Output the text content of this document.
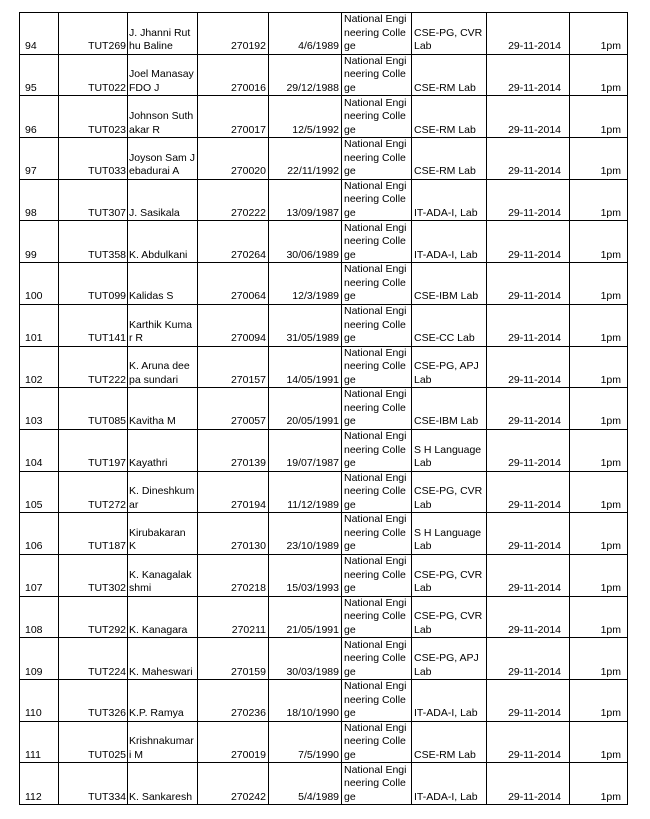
94	TUT269	J. Jhanni Ruthu Baline	270192	4/6/1989	National Engineering College	CSE-PG, CVR Lab	29-11-2014	1pm
95	TUT022	Joel Manasay FDO J	270016	29/12/1988	National Engineering College	CSE-RM Lab	29-11-2014	1pm
96	TUT023	Johnson Suthakar R	270017	12/5/1992	National Engineering College	CSE-RM Lab	29-11-2014	1pm
97	TUT033	Joyson Sam Jebadurai A	270020	22/11/1992	National Engineering College	CSE-RM Lab	29-11-2014	1pm
98	TUT307	J. Sasikala	270222	13/09/1987	National Engineering College	IT-ADA-I, Lab	29-11-2014	1pm
99	TUT358	K. Abdulkani	270264	30/06/1989	National Engineering College	IT-ADA-I, Lab	29-11-2014	1pm
100	TUT099	Kalidas S	270064	12/3/1989	National Engineering College	CSE-IBM Lab	29-11-2014	1pm
101	TUT141	Karthik Kumar R	270094	31/05/1989	National Engineering College	CSE-CC Lab	29-11-2014	1pm
102	TUT222	K. Aruna deepa sundari	270157	14/05/1991	National Engineering College	CSE-PG, APJ Lab	29-11-2014	1pm
103	TUT085	Kavitha M	270057	20/05/1991	National Engineering College	CSE-IBM Lab	29-11-2014	1pm
104	TUT197	Kayathri	270139	19/07/1987	National Engineering College	S H Language Lab	29-11-2014	1pm
105	TUT272	K. Dineshkumar	270194	11/12/1989	National Engineering College	CSE-PG, CVR Lab	29-11-2014	1pm
106	TUT187	Kirubakaran K	270130	23/10/1989	National Engineering College	S H Language Lab	29-11-2014	1pm
107	TUT302	K. Kanagalakshmi	270218	15/03/1993	National Engineering College	CSE-PG, CVR Lab	29-11-2014	1pm
108	TUT292	K. Kanagara	270211	21/05/1991	National Engineering College	CSE-PG, CVR Lab	29-11-2014	1pm
109	TUT224	K. Maheswari	270159	30/03/1989	National Engineering College	CSE-PG, APJ Lab	29-11-2014	1pm
110	TUT326	K.P. Ramya	270236	18/10/1990	National Engineering College	IT-ADA-I, Lab	29-11-2014	1pm
111	TUT025	Krishnakumari M	270019	7/5/1990	National Engineering College	CSE-RM Lab	29-11-2014	1pm
112	TUT334	K. Sankaresh	270242	5/4/1989	National Engineering College	IT-ADA-I, Lab	29-11-2014	1pm
